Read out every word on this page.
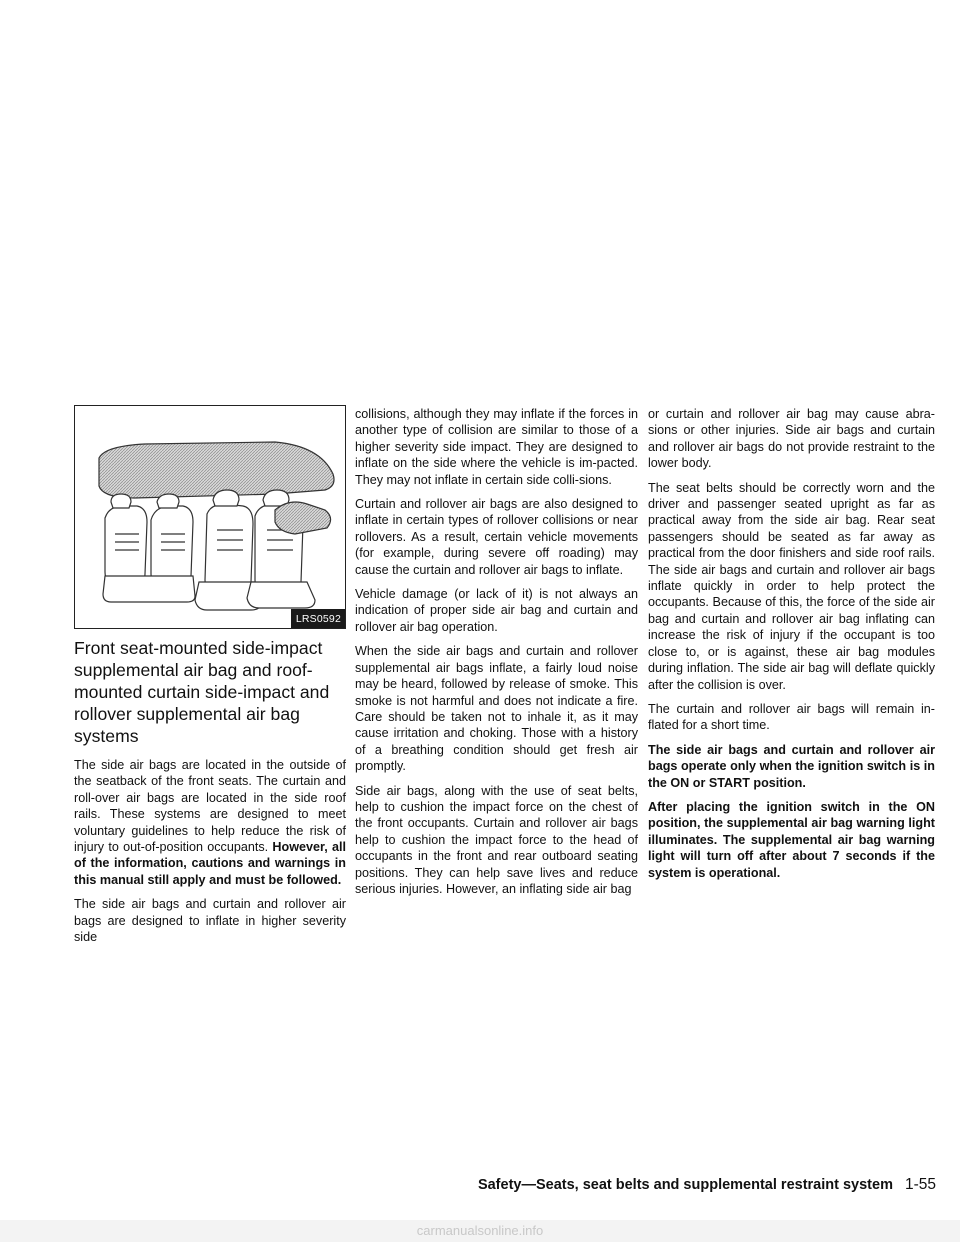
LRS0592
Front seat-mounted side-impact supplemental air bag and roof-mounted curtain side-impact and rollover supplemental air bag systems

The side air bags are located in the outside of the seatback of the front seats. The curtain and roll-over air bags are located in the side roof rails. These systems are designed to meet voluntary guidelines to help reduce the risk of injury to out-of-position occupants. However, all of the information, cautions and warnings in this manual still apply and must be followed.

The side air bags and curtain and rollover air bags are designed to inflate in higher severity side

collisions, although they may inflate if the forces in another type of collision are similar to those of a higher severity side impact. They are designed to inflate on the side where the vehicle is im-pacted. They may not inflate in certain side colli-sions.

Curtain and rollover air bags are also designed to inflate in certain types of rollover collisions or near rollovers. As a result, certain vehicle movements (for example, during severe off roading) may cause the curtain and rollover air bags to inflate.

Vehicle damage (or lack of it) is not always an indication of proper side air bag and curtain and rollover air bag operation.

When the side air bags and curtain and rollover supplemental air bags inflate, a fairly loud noise may be heard, followed by release of smoke. This smoke is not harmful and does not indicate a fire. Care should be taken not to inhale it, as it may cause irritation and choking. Those with a history of a breathing condition should get fresh air promptly.

Side air bags, along with the use of seat belts, help to cushion the impact force on the chest of the front occupants. Curtain and rollover air bags help to cushion the impact force to the head of occupants in the front and rear outboard seating positions. They can help save lives and reduce serious injuries. However, an inflating side air bag

or curtain and rollover air bag may cause abra-sions or other injuries. Side air bags and curtain and rollover air bags do not provide restraint to the lower body.

The seat belts should be correctly worn and the driver and passenger seated upright as far as practical away from the side air bag. Rear seat passengers should be seated as far away as practical from the door finishers and side roof rails. The side air bags and curtain and rollover air bags inflate quickly in order to help protect the occupants. Because of this, the force of the side air bag and curtain and rollover air bag inflating can increase the risk of injury if the occupant is too close to, or is against, these air bag modules during inflation. The side air bag will deflate quickly after the collision is over.

The curtain and rollover air bags will remain in-flated for a short time.

The side air bags and curtain and rollover air bags operate only when the ignition switch is in the ON or START position.

After placing the ignition switch in the ON position, the supplemental air bag warning light illuminates. The supplemental air bag warning light will turn off after about 7 seconds if the system is operational.

Safety—Seats, seat belts and supplemental restraint system 1-55
carmanualsonline.info
